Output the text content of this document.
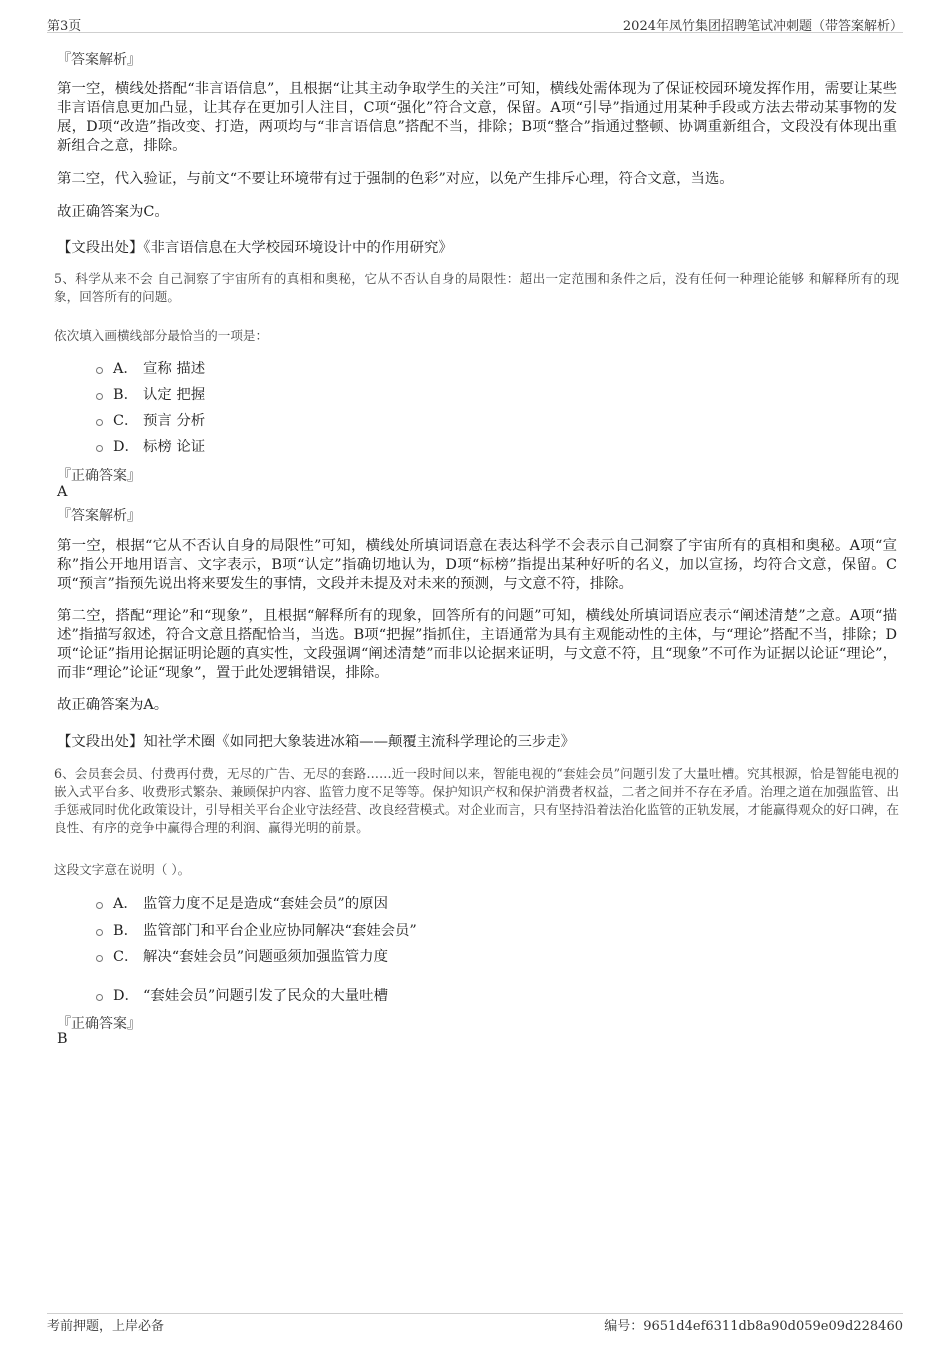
第3页	2024年凤竹集团招聘笔试冲刺题（带答案解析）
『答案解析』
第一空，横线处搭配“非言语信息”，且根据“让其主动争取学生的关注”可知，横线处需体现为了保证校园环境发挥作用，需要让某些非言语信息更加凸显，让其存在更加引人注目，C项“强化”符合文意，保留。A项“引导”指通过用某种手段或方法去带动某事物的发展，D项“改造”指改变、打造，两项均与“非言语信息”搭配不当，排除；B项“整合”指通过整顿、协调重新组合，文段没有体现出重新组合之意，排除。
第二空，代入验证，与前文“不要让环境带有过于强制的色彩”对应，以免产生排斥心理，符合文意，当选。
故正确答案为C。
【文段出处】《非言语信息在大学校园环境设计中的作用研究》
5、科学从来不会 自己洞察了宇宙所有的真相和奥秘，它从不否认自身的局限性：超出一定范围和条件之后，没有任何一种理论能够 和解释所有的现象，回答所有的问题。
依次填入画横线部分最恰当的一项是：
A． 宣称 描述
B． 认定 把握
C． 预言 分析
D． 标榜 论证
『正确答案』
A
『答案解析』
第一空，根据“它从不否认自身的局限性”可知，横线处所填词语意在表达科学不会表示自己洞察了宇宙所有的真相和奥秘。A项“宣称”指公开地用语言、文字表示，B项“认定”指确切地认为，D项“标榜”指提出某种好听的名义，加以宣扬，均符合文意，保留。C项“预言”指预先说出将来要发生的事情，文段并未提及对未来的预测，与文意不符，排除。
第二空，搭配“理论”和“现象”，且根据“解释所有的现象，回答所有的问题”可知，横线处所填词语应表示“阐述清楚”之意。A项“描述”指描写叙述，符合文意且搭配恰当，当选。B项“把握”指抓住，主语通常为具有主观能动性的主体，与“理论”搭配不当，排除；D项“论证”指用论据证明论题的真实性，文段强调“阐述清楚”而非以论据来证明，与文意不符，且“现象”不可作为证据以论证“理论”，而非“理论”论证“现象”，置于此处逻辑错误，排除。
故正确答案为A。
【文段出处】知社学术圈《如同把大象装进冰箱——颠覆主流科学理论的三步走》
6、会员套会员、付费再付费，无尽的广告、无尽的套路……近一段时间以来，智能电视的“套娃会员”问题引发了大量吐槽。究其根源，恰是智能电视的嵌入式平台多、收费形式繁杂、兼顾保护内容、监管力度不足等等。保护知识产权和保护消费者权益，二者之间并不存在矛盾。治理之道在加强监管、出手惩戒同时优化政策设计，引导相关平台企业守法经营、改良经营模式。对企业而言，只有坚持沿着法治化监管的正轨发展，才能赢得观众的好口碑，在良性、有序的竞争中赢得合理的利润、赢得光明的前景。
这段文字意在说明（ ）。
A． 监管力度不足是造成“套娃会员”的原因
B． 监管部门和平台企业应协同解决“套娃会员”
C． 解决“套娃会员”问题亟须加强监管力度
D． “套娃会员”问题引发了民众的大量吐槽
『正确答案』
B
考前押题，上岸必备	编号：9651d4ef6311db8a90d059e09d228460
